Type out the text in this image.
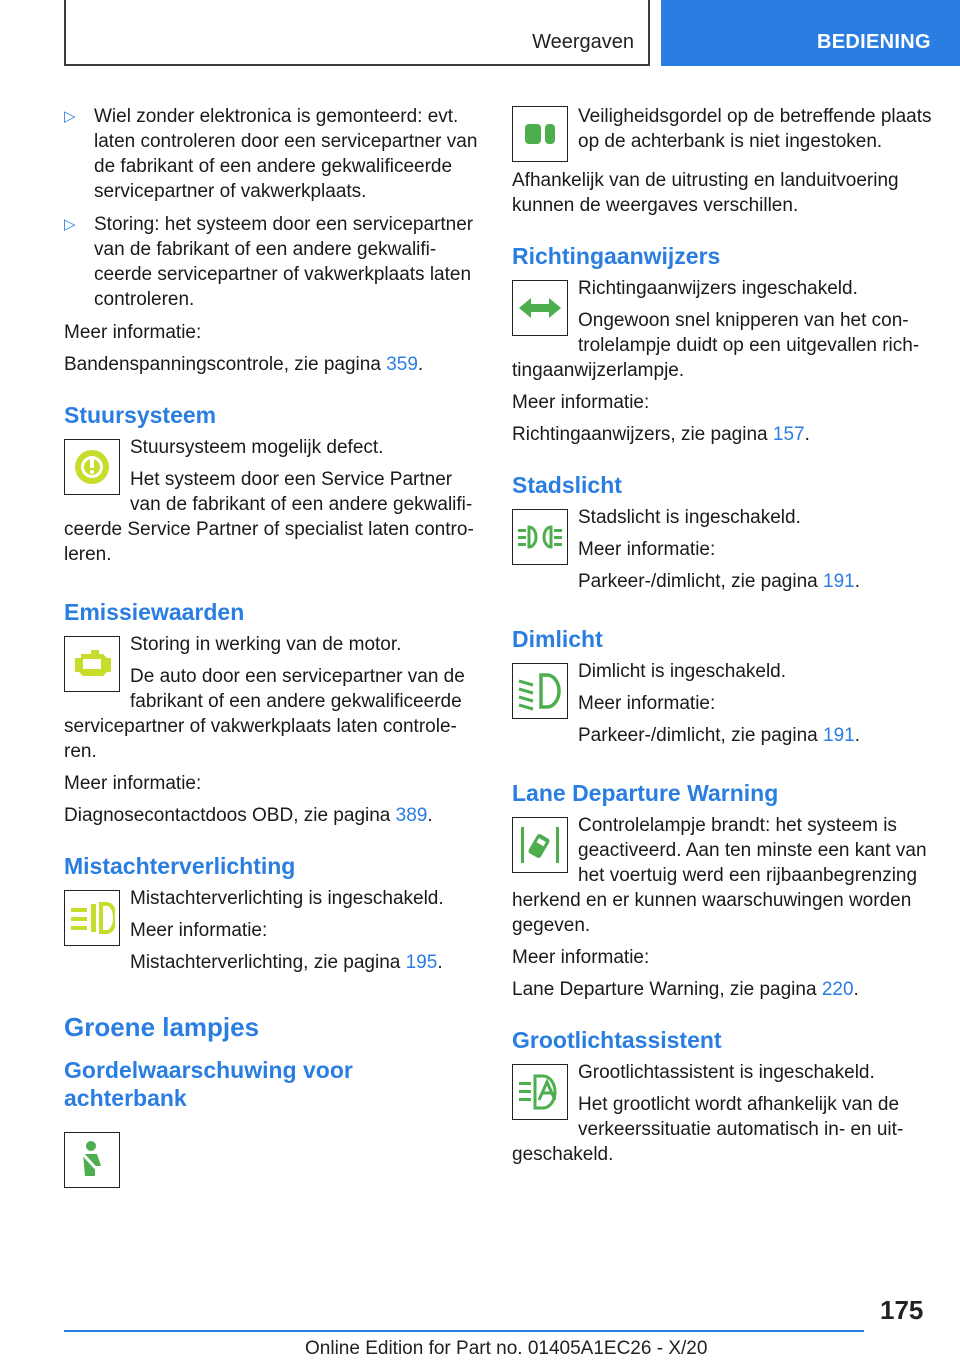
Weergaven	BEDIENING
▷ Wiel zonder elektronica is gemonteerd: evt. laten controleren door een servicepartner van de fabrikant of een andere gekwalificeerde servicepartner of vakwerkplaats.
▷ Storing: het systeem door een servicepartner van de fabrikant of een andere gekwalificeerde servicepartner of vakwerkplaats laten controleren.

Meer informatie:

Bandenspanningscontrole, zie pagina 359.

Stuursysteem

Stuursysteem mogelijk defect.

Het systeem door een Service Partner van de fabrikant of een andere gekwalificeerde Service Partner of specialist laten controleren.

Emissiewaarden

Storing in werking van de motor.

De auto door een servicepartner van de fabrikant of een andere gekwalificeerde servicepartner of vakwerkplaats laten controleren.

Meer informatie:

Diagnosecontactdoos OBD, zie pagina 389.

Mistachterverlichting

Mistachterverlichting is ingeschakeld.

Meer informatie:

Mistachterverlichting, zie pagina 195.

Groene lampjes
Gordelwaarschuwing voor achterbank

Veiligheidsgordel op de betreffende plaats op de achterbank is niet ingestoken.

Afhankelijk van de uitrusting en landuitvoering kunnen de weergaves verschillen.

Richtingaanwijzers

Richtingaanwijzers ingeschakeld.

Ongewoon snel knipperen van het controlelampje duidt op een uitgevallen richtingaanwijzerlampje.

Meer informatie:

Richtingaanwijzers, zie pagina 157.

Stadslicht

Stadslicht is ingeschakeld.

Meer informatie:

Parkeer-/dimlicht, zie pagina 191.

Dimlicht

Dimlicht is ingeschakeld.

Meer informatie:

Parkeer-/dimlicht, zie pagina 191.

Lane Departure Warning

Controlelampje brandt: het systeem is geactiveerd. Aan ten minste een kant van het voertuig werd een rijbaanbegrenzing herkend en er kunnen waarschuwingen worden gegeven.

Meer informatie:

Lane Departure Warning, zie pagina 220.

Grootlichtassistent

Grootlichtassistent is ingeschakeld.

Het grootlicht wordt afhankelijk van de verkeerssituatie automatisch in- en uitgeschakeld.

175
Online Edition for Part no. 01405A1EC26 - X/20
